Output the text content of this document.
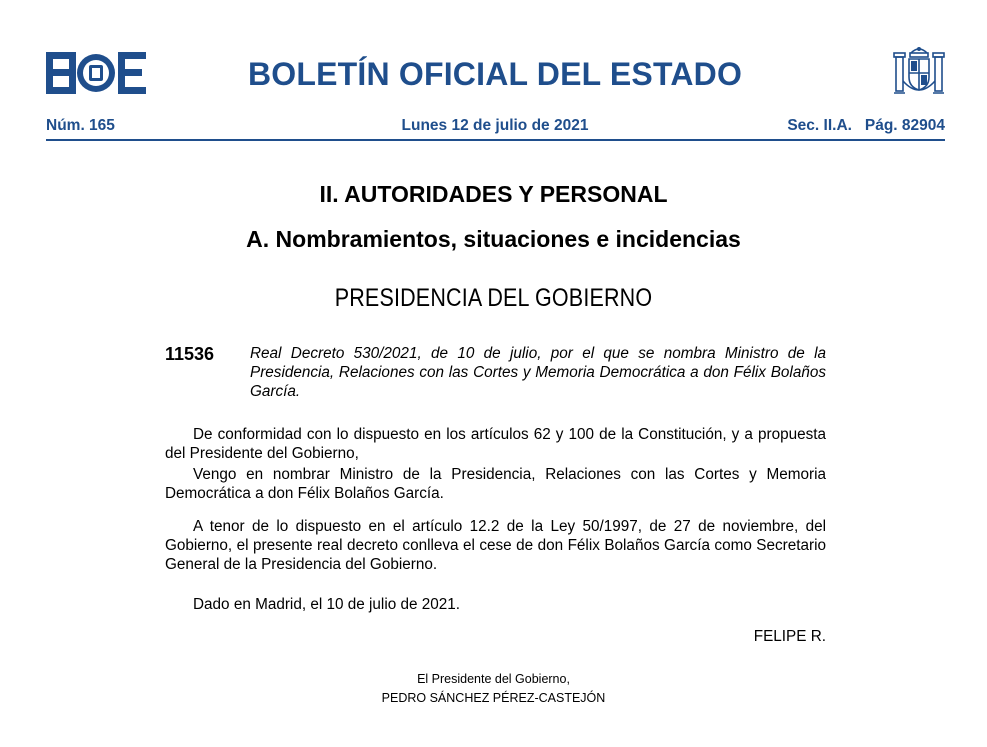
BOLETÍN OFICIAL DEL ESTADO
Núm. 165	Lunes 12 de julio de 2021	Sec. II.A.   Pág. 82904
II. AUTORIDADES Y PERSONAL
A. Nombramientos, situaciones e incidencias
PRESIDENCIA DEL GOBIERNO
11536 Real Decreto 530/2021, de 10 de julio, por el que se nombra Ministro de la Presidencia, Relaciones con las Cortes y Memoria Democrática a don Félix Bolaños García.
De conformidad con lo dispuesto en los artículos 62 y 100 de la Constitución, y a propuesta del Presidente del Gobierno,
Vengo en nombrar Ministro de la Presidencia, Relaciones con las Cortes y Memoria Democrática a don Félix Bolaños García.
A tenor de lo dispuesto en el artículo 12.2 de la Ley 50/1997, de 27 de noviembre, del Gobierno, el presente real decreto conlleva el cese de don Félix Bolaños García como Secretario General de la Presidencia del Gobierno.
Dado en Madrid, el 10 de julio de 2021.
FELIPE R.
El Presidente del Gobierno,
PEDRO SÁNCHEZ PÉREZ-CASTEJÓN
